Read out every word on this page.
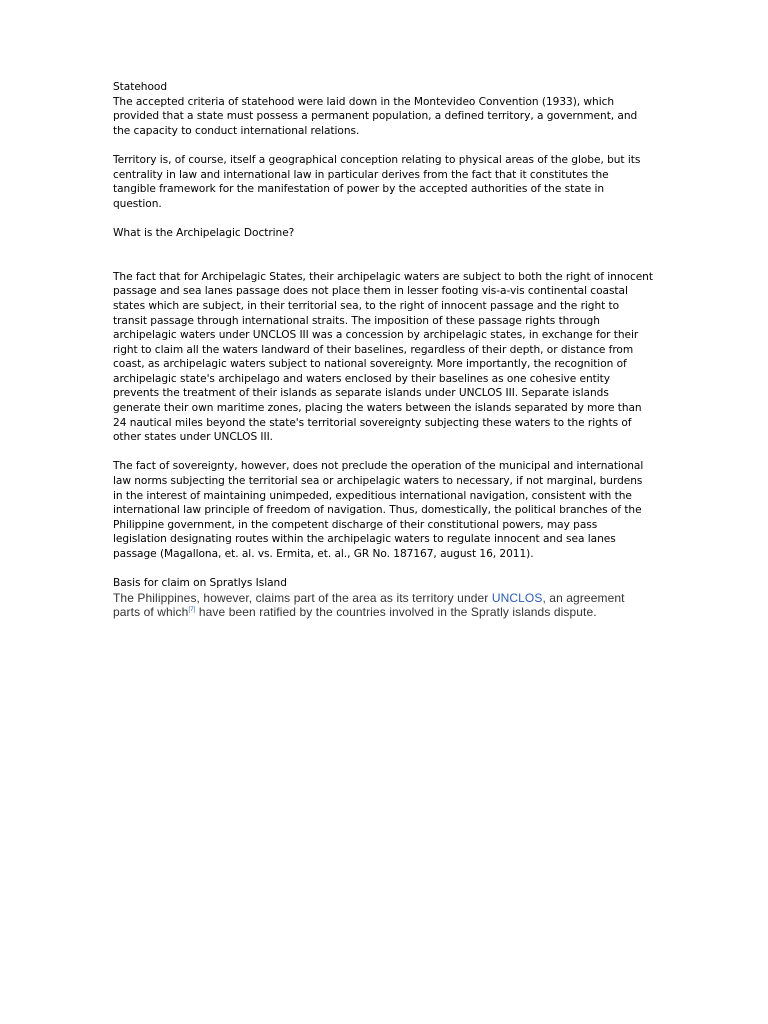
Statehood

The accepted criteria of statehood were laid down in the Montevideo Convention (1933), which provided that a state must possess a permanent population, a defined territory, a government, and the capacity to conduct international relations.

Territory is, of course, itself a geographical conception relating to physical areas of the globe, but its centrality in law and international law in particular derives from the fact that it constitutes the tangible framework for the manifestation of power by the accepted authorities of the state in question.

What is the Archipelagic Doctrine?

The fact that for Archipelagic States, their archipelagic waters are subject to both the right of innocent passage and sea lanes passage does not place them in lesser footing vis-a-vis continental coastal states which are subject, in their territorial sea, to the right of innocent passage and the right to transit passage through international straits. The imposition of these passage rights through archipelagic waters under UNCLOS III was a concession by archipelagic states, in exchange for their right to claim all the waters landward of their baselines, regardless of their depth, or distance from coast, as archipelagic waters subject to national sovereignty. More importantly, the recognition of archipelagic state's archipelago and waters enclosed by their baselines as one cohesive entity prevents the treatment of their islands as separate islands under UNCLOS III. Separate islands generate their own maritime zones, placing the waters between the islands separated by more than 24 nautical miles beyond the state's territorial sovereignty subjecting these waters to the rights of other states under UNCLOS III.

The fact of sovereignty, however, does not preclude the operation of the municipal and international law norms subjecting the territorial sea or archipelagic waters to necessary, if not marginal, burdens in the interest of maintaining unimpeded, expeditious international navigation, consistent with the international law principle of freedom of navigation. Thus, domestically, the political branches of the Philippine government, in the competent discharge of their constitutional powers, may pass legislation designating routes within the archipelagic waters to regulate innocent and sea lanes passage (Magallona, et. al. vs. Ermita, et. al., GR No. 187167, august 16, 2011).

Basis for claim on Spratlys Island

The Philippines, however, claims part of the area as its territory under UNCLOS, an agreement parts of which[7] have been ratified by the countries involved in the Spratly islands dispute.
